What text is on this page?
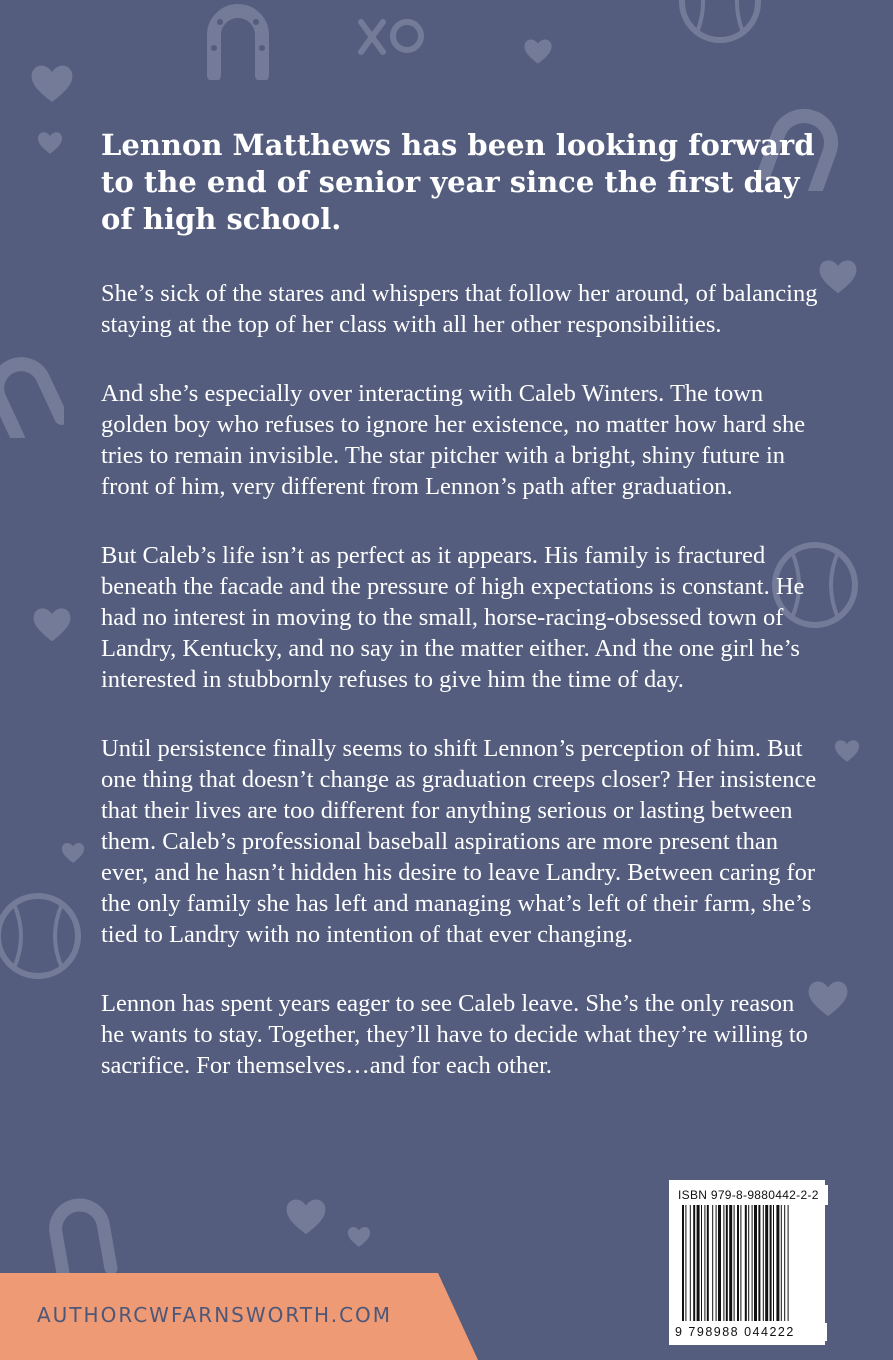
Lennon Matthews has been looking forward to the end of senior year since the first day of high school.

She’s sick of the stares and whispers that follow her around, of balancing staying at the top of her class with all her other responsibilities.

And she’s especially over interacting with Caleb Winters. The town golden boy who refuses to ignore her existence, no matter how hard she tries to remain invisible. The star pitcher with a bright, shiny future in front of him, very different from Lennon’s path after graduation.

But Caleb’s life isn’t as perfect as it appears. His family is fractured beneath the facade and the pressure of high expectations is constant. He had no interest in moving to the small, horse-racing-obsessed town of Landry, Kentucky, and no say in the matter either. And the one girl he’s interested in stubbornly refuses to give him the time of day.

Until persistence finally seems to shift Lennon’s perception of him. But one thing that doesn’t change as graduation creeps closer? Her insistence that their lives are too different for anything serious or lasting between them. Caleb’s professional baseball aspirations are more present than ever, and he hasn’t hidden his desire to leave Landry. Between caring for the only family she has left and managing what’s left of their farm, she’s tied to Landry with no intention of that ever changing.

Lennon has spent years eager to see Caleb leave. She’s the only reason he wants to stay. Together, they’ll have to decide what they’re willing to sacrifice. For themselves…and for each other.

ISBN 979-8-9880442-2-2
9 798988 044222
AUTHORCWFARNSWORTH.COM
